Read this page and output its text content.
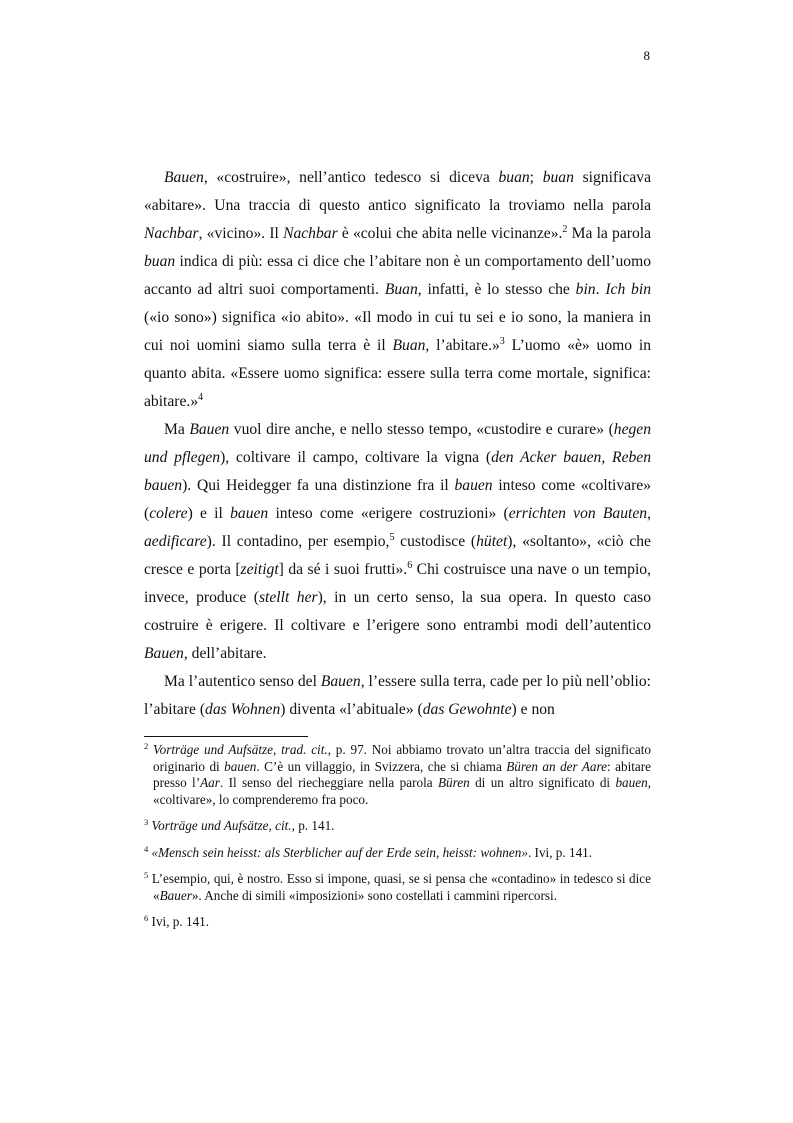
8

Bauen, «costruire», nell’antico tedesco si diceva buan; buan significava «abitare». Una traccia di questo antico significato la troviamo nella parola Nachbar, «vicino». Il Nachbar è «colui che abita nelle vicinanze».$^2$ Ma la parola buan indica di più: essa ci dice che l’abitare non è un comportamento dell’uomo accanto ad altri suoi comportamenti. Buan, infatti, è lo stesso che bin. Ich bin («io sono») significa «io abito». «Il modo in cui tu sei e io sono, la maniera in cui noi uomini siamo sulla terra è il Buan, l’abitare.»$^3$ L’uomo «è» uomo in quanto abita. «Essere uomo significa: essere sulla terra come mortale, significa: abitare.»$^4$

Ma Bauen vuol dire anche, e nello stesso tempo, «custodire e curare» (hegen und pflegen), coltivare il campo, coltivare la vigna (den Acker bauen, Reben bauen). Qui Heidegger fa una distinzione fra il bauen inteso come «coltivare» (colere) e il bauen inteso come «erigere costruzioni» (errichten von Bauten, aedificare). Il contadino, per esempio,$^5$ custodisce (hütet), «soltanto», «ciò che cresce e porta [zeitigt] da sé i suoi frutti».$^6$ Chi costruisce una nave o un tempio, invece, produce (stellt her), in un certo senso, la sua opera. In questo caso costruire è erigere. Il coltivare e l’erigere sono entrambi modi dell’autentico Bauen, dell’abitare.

Ma l’autentico senso del Bauen, l’essere sulla terra, cade per lo più nell’oblio: l’abitare (das Wohnen) diventa «l’abituale» (das Gewohnte) e non

$^2$ Vorträge und Aufsätze, trad. cit., p. 97. Noi abbiamo trovato un’altra traccia del significato originario di bauen. C’è un villaggio, in Svizzera, che si chiama Büren an der Aare: abitare presso l’Aar. Il senso del riecheggiare nella parola Büren di un altro significato di bauen, «coltivare», lo comprenderemo fra poco.

$^3$ Vorträge und Aufsätze, cit., p. 141.

$^4$ «Mensch sein heisst: als Sterblicher auf der Erde sein, heisst: wohnen». Ivi, p. 141.

$^5$ L’esempio, qui, è nostro. Esso si impone, quasi, se si pensa che «contadino» in tedesco si dice «Bauer». Anche di simili «imposizioni» sono costellati i cammini ripercorsi.

$^6$ Ivi, p. 141.
